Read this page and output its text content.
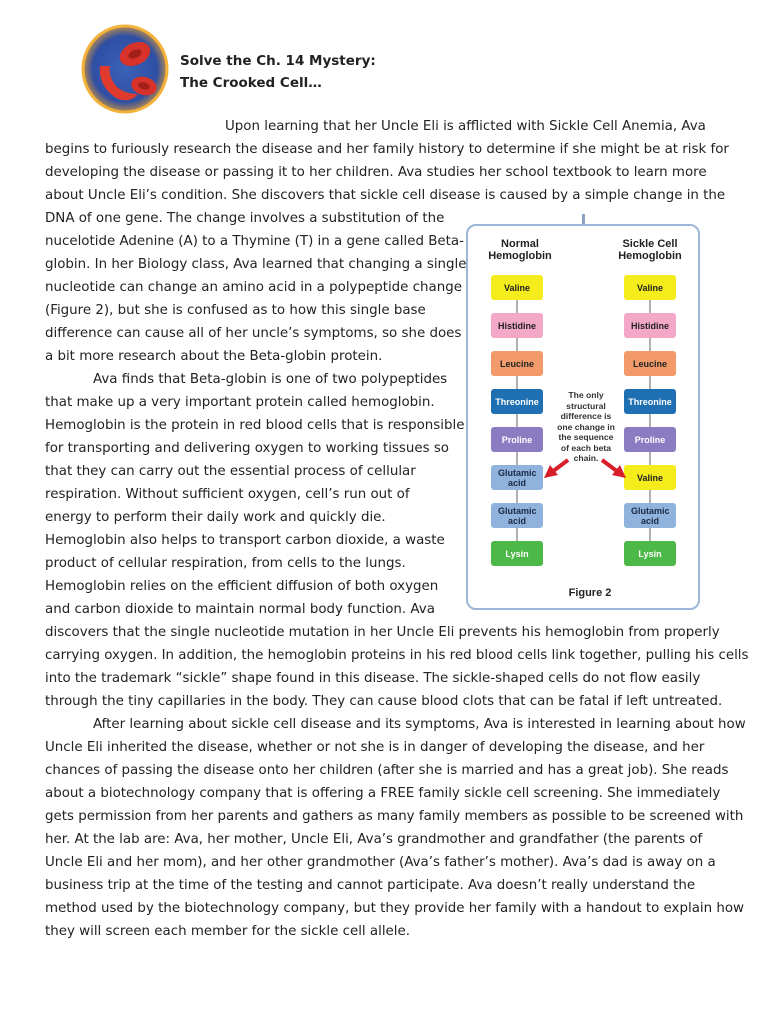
Solve the Ch. 14 Mystery:
The Crooked Cell…
Upon learning that her Uncle Eli is afflicted with Sickle Cell Anemia, Ava
begins to furiously research the disease and her family history to determine if she might be at risk for
developing the disease or passing it to her children. Ava studies her school textbook to learn more
about Uncle Eli’s condition. She discovers that sickle cell disease is caused by a simple change in the
DNA of one gene. The change involves a substitution of the
nucelotide Adenine (A) to a Thymine (T) in a gene called Beta-
globin. In her Biology class, Ava learned that changing a single
nucleotide can change an amino acid in a polypeptide change
(Figure 2), but she is confused as to how this single base
difference can cause all of her uncle’s symptoms, so she does
a bit more research about the Beta-globin protein.
Ava finds that Beta-globin is one of two polypeptides
that make up a very important protein called hemoglobin.
Hemoglobin is the protein in red blood cells that is responsible
for transporting and delivering oxygen to working tissues so
that they can carry out the essential process of cellular
respiration. Without sufficient oxygen, cell’s run out of
energy to perform their daily work and quickly die.
Hemoglobin also helps to transport carbon dioxide, a waste
product of cellular respiration, from cells to the lungs.
Hemoglobin relies on the efficient diffusion of both oxygen
and carbon dioxide to maintain normal body function. Ava
discovers that the single nucleotide mutation in her Uncle Eli prevents his hemoglobin from properly
carrying oxygen. In addition, the hemoglobin proteins in his red blood cells link together, pulling his cells
into the trademark “sickle” shape found in this disease. The sickle-shaped cells do not flow easily
through the tiny capillaries in the body. They can cause blood clots that can be fatal if left untreated.
After learning about sickle cell disease and its symptoms, Ava is interested in learning about how
Uncle Eli inherited the disease, whether or not she is in danger of developing the disease, and her
chances of passing the disease onto her children (after she is married and has a great job). She reads
about a biotechnology company that is offering a FREE family sickle cell screening. She immediately
gets permission from her parents and gathers as many family members as possible to be screened with
her. At the lab are: Ava, her mother, Uncle Eli, Ava’s grandmother and grandfather (the parents of
Uncle Eli and her mom), and her other grandmother (Ava’s father’s mother). Ava’s dad is away on a
business trip at the time of the testing and cannot participate. Ava doesn’t really understand the
method used by the biotechnology company, but they provide her family with a handout to explain how
they will screen each member for the sickle cell allele.
Normal
Hemoglobin
Sickle Cell
Hemoglobin
Valine
Histidine
Leucine
Threonine
Proline
Glutamic acid
Glutamic acid
Lysin
Valine
Histidine
Leucine
Threonine
Proline
Valine
Glutamic acid
Lysin
The only structural difference is one change in the sequence of each beta chain.
Figure 2
